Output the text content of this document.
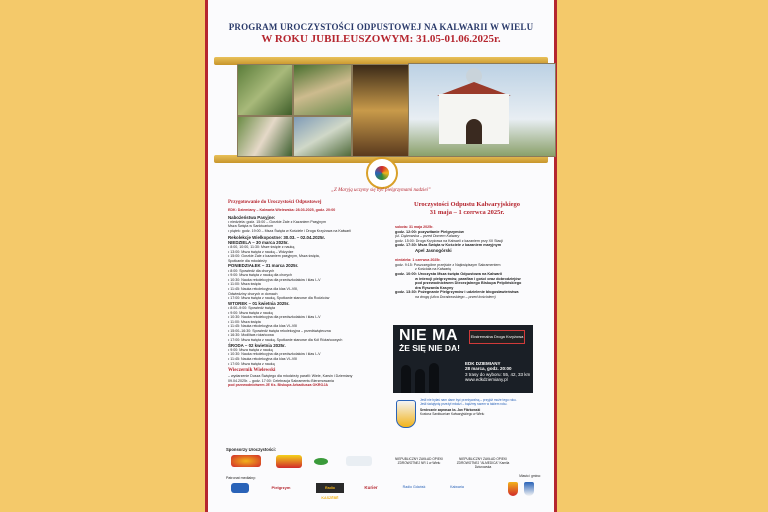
PROGRAM UROCZYSTOŚCI ODPUSTOWEJ NA KALWARII W WIELU
W ROKU JUBILEUSZOWYM: 31.05-01.06.2025r.
„Z Maryją uczymy się być pielgrzymami nadziei”
Przygotowanie do Uroczystości Odpustowej
EDK: Dziemiany – Kalwaria Wielewska: 28.03.2025, godz. 20:00
Nabożeństwa Pasyjne:
• niedziela: godz. 15:00 – Gorzkie Żale z Kazaniem Pasyjnym
Msza Święta w Sanktuarium
• piątek: godz. 19:00 – Msza Święta w Kościele i Droga Krzyżowa na Kalwarii
Rekolekcje Wielkopostne: 30.03. – 02.04.2025r.
NIEDZIELA – 30 marca 2025r.
• 8:00, 10:00, 11:30: Msze święte z nauką
• 13:00: Msza święta z nauką – Wdzydze
• 15:00: Gorzkie Żale z kazaniem pasyjnym, Msza święta,
Spotkanie dla młodzieży
PONIEDZIAŁEK – 31 marca 2025r.
• 8:00: Spowiedź dla chorych
• 9:00: Msza święta z nauką dla chorych
• 10:30: Nauka rekolekcyjna dla przedszkolaków i klas I–V
• 11:00: Msza święta
• 11:45: Nauka rekolekcyjna dla klas VI–VIII,
Odwiedziny chorych w domach
• 17:00: Msza święta z nauką, Spotkanie stanowe dla Rodziców
WTOREK – 01 kwietnia 2025r.
• 8:00–9:00: Spowiedź święta
• 9:00: Msza święta z nauką
• 10:30: Nauka rekolekcyjna dla przedszkolaków i klas I–V
• 11:00: Msza święta
• 11:45: Nauka rekolekcyjna dla klas VI–VIII
• 15:00–16:30: Spowiedź święta rekolekcyjna – przedświąteczna
• 16:30: Modlitwa różańcowa
• 17:00: Msza święta z nauką. Spotkanie stanowe dla Kół Różańcowych
ŚRODA – 02 kwietnia 2025r.
• 9:00: Msza święta z nauką
• 10:30: Nauka rekolekcyjna dla przedszkolaków i klas I–V
• 11:45: Nauka rekolekcyjna dla klas VI–VIII
• 17:00: Msza święta z nauką
Wieczernik Wielewski
– wydarzenie Dusza Świętego dla młodzieży parafii: Wiele, Karsin i Dziemiany
09.04.2025r. – godz. 17:00: Celebracja Sakramentu Bierzmowania
pod przewodnictwem JE Ks. Biskupa Arkadiusza OKROJA
Uroczystości Odpustu Kalwaryjskiego
31 maja – 1 czerwca 2025r.
sobota: 31 maja 2025r.
godz. 12:00: pozywitanie Pielgrzymów
(ul. Dąbrowska – przed Domem Kalwary
godz. 15:00: Droga Krzyżowa na Kalwarii z kazaniem przy XII Stacji
godz. 17:30: Msza Święta w Kościele z kazaniem maryjnym
Apel Jasnogórski
niedziela: 1 czerwca 2025r.
godz. 9:15: Poszczególne przejście z Najświętszym Sakramentem
z Kościoła na Kalwarię
godz. 10:00: Uroczysta Msza święta Odpustowa na Kalwarii
w intencji pielgrzymów, parafian i gości oraz dobrodziejów
pod przewodnictwem Diecezjalnego Biskupa Pelplińskiego
dra Ryszarda Kasyny
godz. 13:30: Pożegnanie Pielgrzymów i udzielenie błogosławieństwa
na drogę (ulica Dorabowskiego – przed kościołem)
NIE MA
ŻE SIĘ NIE DA!
Ekstremalna Droga Krzyżowa
EDK DZIEMIANY
28 marca, godz. 20:00
3 trasy do wyboru: 55, 42, 33 km
www.edkdziemiany.pl
Jeśli nie byłaś nam dane być przeżywalną – przyjdź może tego roku.
Jeśli świątynię przeżył młodzi – bądźmy razem w takiem roku.
Serdecznie zaprasza ks. Jan Fikrkowski
Kustosz Sanktuarium Kalwaryjskiego w Wielu
Sponsorzy Uroczystości:
NIEPUBLICZNY ZAKŁAD OPIEKI ZDROWOTNEJ NR 1 w Wielu
NIEPUBLICZNY ZAKŁAD OPIEKI ZDROWOTNEJ "ALMEDICA" Kamila Dziurowska
Miasto i gmina:
Patronat medialny:
Pielgrzym	Radio KASZËBË
Kurier	Radio Gdańsk	Kalwaria
